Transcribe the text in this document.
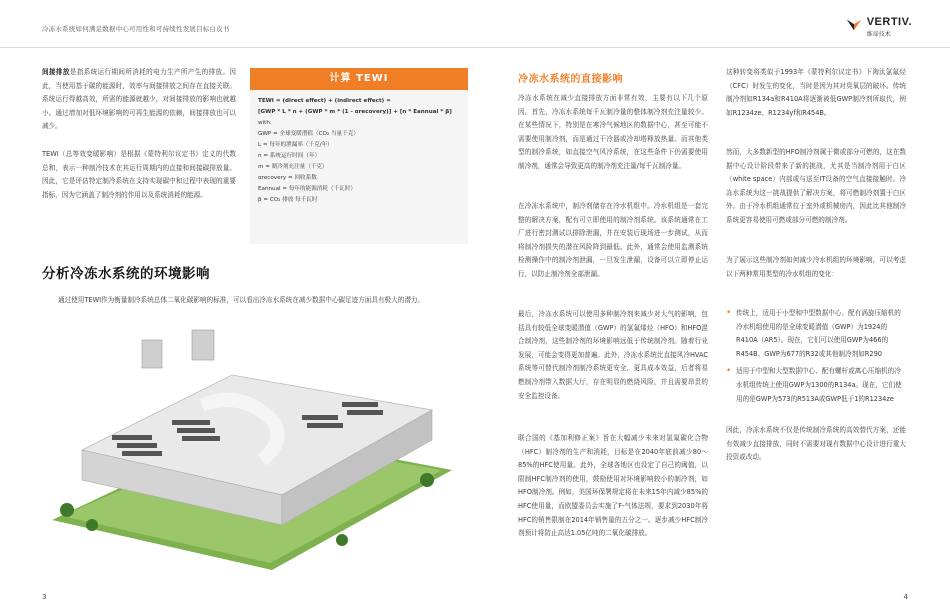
冷冻水系统如何满足数据中心可用性和可持续性发展目标白皮书
VERTIV.
维谛技术
间接排放是指系统运行期间所消耗的电力生产所产生的排放。因此，当使用基于碳的能源时，效率与间接排放之间存在直接关联。系统运行得越高效，所需的能源就越少，对间接排放的影响也就越小。通过增加对低环境影响的可再生能源的依赖，间接排放也可以减少。
TEWI（总等效变暖影响）是根据《蒙特利尔议定书》定义的代数总和，表示一种制冷技术在其运行周期内的直接和间接碳排放量。因此，它是评估特定制冷系统在支持实现碳中和过程中表现的重要指标，因为它涵盖了制冷剂的作用以及系统消耗的能源。
计算 TEWI
TEWI = (direct effect) + (indirect effect) =
[GWP * L * n + (GWP * m * (1 - αrecovery)] + [n * Eannual * β]
with:
GWP = 全球变暖潜值（CO₂ 当量千克）
L = 每年的泄漏率（千克/年）
n = 系统运行时间（年）
m = 制冷剂充注量（千克）
αrecovery = 回收系数
Eannual = 每年的能源消耗（千瓦时）
β = CO₂ 排放 每千瓦时
分析冷冻水系统的环境影响
通过使用TEWI作为衡量制冷系统总体二氧化碳影响的标准，可以看出冷冻水系统在减少数据中心碳足迹方面具有极大的潜力。
冷冻水系统的直接影响
冷冻水系统在减少直接排放方面非常有效，主要有以下几个原因。首先，冷冻水系统每千瓦制冷量的整体制冷剂充注量较少。在某些情况下，特别是在寒冷气候地区的数据中心，甚至可能不需要使用制冷剂，而是通过干冷器或冷却塔释放热量。而其他类型的制冷系统，如直接空气风冷系统，在这些条件下仍需要使用制冷剂，通常会导致更高的制冷剂充注量/每千瓦制冷量。
在冷冻水系统中，制冷剂储存在冷水机组中。冷水机组是一套完整的解决方案，配有可立即使用的制冷剂系统。该系统通常在工厂进行密封测试以排除泄漏，并在安装后现场进一步测试，从而将制冷剂损失的潜在风险降到最低。此外，通常会使用监测系统检测操作中的制冷剂泄漏，一旦发生泄漏，设备可以立即停止运行，以防止制冷剂全部泄漏。
最后，冷冻水系统可以使用多种制冷剂来减少对大气的影响，包括具有较低全球变暖潜值（GWP）的氢氟烯烃（HFO）和HFO混合制冷剂，这些制冷剂的环境影响远低于传统制冷剂。随着行业发展，可能会变得更加普遍。此外，冷冻水系统比直接风冷HVAC系统等可替代制冷剂制冷系统更安全，更具成本效益，后者将易燃制冷剂带入数据大厅，存在明显的燃烧风险，并且需要昂贵的安全监控设备。
联合国的《基加利修正案》旨在大幅减少未来对氢氟碳化合物（HFC）制冷剂的生产和消耗，目标是在2040年底前减少80～85%的HFC使用量。此外，全球各地区也设定了自己的阈值，以限制HFC制冷剂的使用，鼓励使用对环境影响较小的制冷剂，如HFO制冷剂。例如，美国环保署规定将在未来15年内减少85%的HFC使用量，而欧盟委员会实施了F-气体法规，要求到2030年将HFC的销售限制在2014年销售量的五分之一。逐步减少HFC制冷剂预计将防止高达1.05亿吨的二氧化碳排放。
这种转变将类似于1993年《蒙特利尔议定书》下淘汰氯氟烃（CFC）时发生的变化，当时是因为其对臭氧层的破坏。传统制冷剂如R134a和R410A将逐渐被低GWP制冷剂所取代，例如R1234ze、R1234yf和R454B。
然而，大多数新型的HFO制冷剂属于微或部分可燃的，这在数据中心设计阶段带来了新的挑战，尤其是当制冷剂用于白区（white space）内部或与送至IT设备的空气直接接触时。冷冻水系统为这一挑战提供了解决方案，将可燃制冷剂置于白区外。由于冷水机组通常位于室外或机械房内，因此比其他制冷系统更容易使用可燃或部分可燃的制冷剂。
为了展示这些制冷剂如何减少冷水机组的环境影响，可以考虑以下两种常用类型的冷水机组的变化：
• 传统上，适用于小型和中型数据中心、配有涡旋压缩机的冷水机组使用的是全球变暖潜值（GWP）为1924的R410A（AR5）。现在，它们可以使用GWP为466的R454B、GWP为677的R32或其他制冷剂如R290
• 适用于中型和大型数据中心、配有螺杆或离心压缩机的冷水机组传统上使用GWP为1300的R134a。现在，它们使用的是GWP为573的R513A或GWP低于1的R1234ze
因此，冷冻水系统不仅是传统制冷系统的高效替代方案，还能有效减少直接排放，同时不需要对现有数据中心设计进行重大投资或改动。
3	4
